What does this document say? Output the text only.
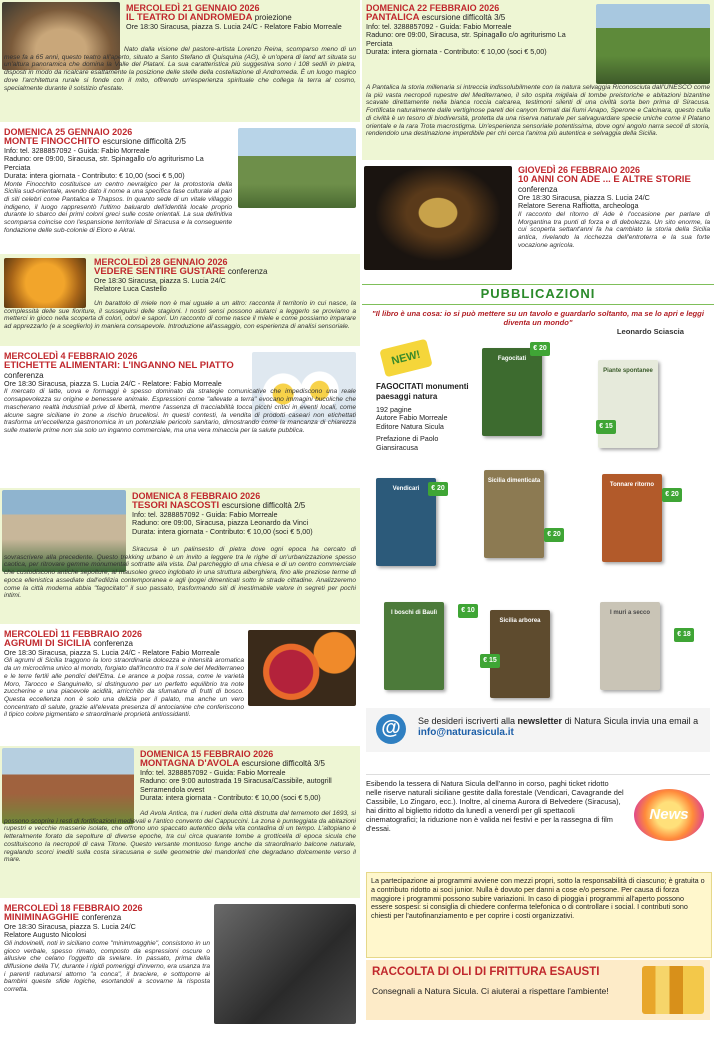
MERCOLEDÌ 21 GENNAIO 2026
IL TEATRO DI ANDROMEDA proiezione
Ore 18:30 Siracusa, piazza S. Lucia 24/C - Relatore Fabio Morreale
Nato dalla visione del pastore-artista Lorenzo Reina, scomparso meno di un mese fa a 65 anni, questo teatro all'aperto, situato a Santo Stefano di Quisquina (AG), è un'opera di land art situata su un'altura panoramica che domina la Valle del Platani. La sua caratteristica più suggestiva sono i 108 sedili in pietra, disposti in modo da ricalcare esattamente la posizione delle stelle della costellazione di Andromeda. È un luogo magico dove l'architettura rurale si fonde con il mito, offrendo un'esperienza spirituale che collega la terra al cosmo, specialmente durante il solstizio d'estate.
DOMENICA 25 GENNAIO 2026
MONTE FINOCCHITO escursione difficoltà 2/5
Info: tel. 3288857092 - Guida: Fabio Morreale
Raduno: ore 09:00, Siracusa, str. Spinagallo c/o agriturismo La Perciata
Durata: intera giornata - Contributo: € 10,00 (soci € 5,00)
Monte Finocchito costituisce un centro nevralgico per la protostoria della Sicilia sud-orientale, avendo dato il nome a una specifica fase culturale al pari di siti celebri come Pantalica e Thapsos. In quanto sede di un vitale villaggio indigeno, il luogo rappresentò l'ultimo baluardo dell'identità locale proprio durante lo sbarco dei primi coloni greci sulle coste orientali. La sua definitiva scomparsa coincise con l'espansione territoriale di Siracusa e la conseguente fondazione delle sub-colonie di Eloro e Akrai.
MERCOLEDÌ 28 GENNAIO 2026
VEDERE SENTIRE GUSTARE conferenza
Ore 18:30 Siracusa, piazza S. Lucia 24/C
Relatore Luca Castello
Un barattolo di miele non è mai uguale a un altro: racconta il territorio in cui nasce, la complessità delle sue fioriture, il susseguirsi delle stagioni. I nostri sensi possono aiutarci a leggerlo se proviamo a metterci in gioco nella scoperta di colori, odori e sapori. Un racconto di come nasce il miele e come possiamo imparare ad apprezzarlo (e a sceglierlo) in maniera consapevole. Introduzione all'assaggio, con esperienza di analisi sensoriale.
MERCOLEDÌ 4 FEBBRAIO 2026
ETICHETTE ALIMENTARI: L'INGANNO NEL PIATTO
conferenza
Ore 18:30 Siracusa, piazza S. Lucia 24/C - Relatore: Fabio Morreale
Il mercato di latte, uova e formaggi è spesso dominato da strategie comunicative che impediscono una reale consapevolezza su origine e benessere animale. Espressioni come "allevate a terra" evocano immagini bucoliche che mascherano realtà industriali prive di libertà, mentre l'assenza di tracciabilità tocca picchi critici in eventi locali, come alcune sagre siciliane in zone a rischio brucellosi. In questi contesti, la vendita di prodotti caseari non etichettati trasforma un'eccellenza gastronomica in un potenziale pericolo sanitario, dimostrando come la mancanza di chiarezza sulle materie prime non sia solo un inganno commerciale, ma una vera minaccia per la salute pubblica.
DOMENICA 8 FEBBRAIO 2026
TESORI NASCOSTI escursione difficoltà 2/5
Info: tel. 3288857092 - Guida: Fabio Morreale
Raduno: ore 09:00, Siracusa, piazza Leonardo da Vinci
Durata: intera giornata - Contributo: € 10,00 (soci € 5,00)
Siracusa è un palinsesto di pietra dove ogni epoca ha cercato di sovrascrivere alla precedente. Questo trekking urbano è un invito a leggere tra le righe di un'urbanizzazione spesso caotica, per ritrovare gemme monumentali sottratte alla vista. Dal parcheggio di una chiesa e di un centro commerciale che custodiscono antiche sepolture, al mausoleo greco inglobato in una struttura alberghiera, fino alle preziose terme di epoca ellenistica assediate dall'edilizia contemporanea e agli ipogei dimenticati sotto le strade cittadine. Analizzeremo come la città moderna abbia "fagocitato" il suo passato, trasformando siti di inestimabile valore in segreti per pochi intimi.
MERCOLEDÌ 11 FEBBRAIO 2026
AGRUMI DI SICILIA conferenza
Ore 18:30 Siracusa, piazza S. Lucia 24/C - Relatore Fabio Morreale
Gli agrumi di Sicilia traggono la loro straordinaria dolcezza e intensità aromatica da un microclima unico al mondo, forgiato dall'incontro tra il sole del Mediterraneo e le terre fertili alle pendici dell'Etna. Le arance a polpa rossa, come le varietà Moro, Tarocco e Sanguinello, si distinguono per un perfetto equilibrio tra note zuccherine e una piacevole acidità, arricchito da sfumature di frutti di bosco. Questa eccellenza non è solo una delizia per il palato, ma anche un vero concentrato di salute, grazie all'elevata presenza di antocianine che conferiscono il tipico colore pigmentato e straordinarie proprietà antiossidanti.
DOMENICA 15 FEBBRAIO 2026
MONTAGNA D'AVOLA escursione difficoltà 3/5
Info: tel. 3288857092 - Guida: Fabio Morreale
Raduno: ore 9:00 autostrada 19 Siracusa/Cassibile, autogrill Serramendola ovest
Durata: intera giornata - Contributo: € 10,00 (soci € 5,00)
Ad Avola Antica, tra i ruderi della città distrutta dal terremoto del 1693, si possono scoprire i resti di fortificazioni medievali e l'antico convento dei Cappuccini. La zona è punteggiata da abitazioni rupestri e vecchie masserie isolate, che offrono uno spaccato autentico della vita contadina di un tempo. L'altopiano è letteralmente forato da sepolture di diverse epoche, tra cui circa quarante tombe a grotticella di epoca sicula che costituiscono la necropoli di cava Titone. Questo versante montuoso funge anche da straordinario balcone naturale, regalando scorci inediti sulla costa siracusana e sulle geometrie dei mandorleti che degradano dolcemente verso il mare.
MERCOLEDÌ 18 FEBBRAIO 2026
MINIMINAGGHIE conferenza
Ore 18:30 Siracusa, piazza S. Lucia 24/C
Relatore Augusto Nicolosi
Gli indovinelli, noti in siciliano come "minimmagghie", consistono in un gioco verbale, spesso rimato, composto da espressioni oscure o allusive che celano l'oggetto da svelare. In passato, prima della diffusione della TV, durante i rigidi pomeriggi d'inverno, era usanza tra i parenti radunarsi attorno "a conca", il braciere, e sottoporre ai bambini queste sfide logiche, esortandoli a scovarne la risposta corretta.
DOMENICA 22 FEBBRAIO 2026
PANTALICA escursione difficoltà 3/5
Info: tel. 3288857092 - Guida: Fabio Morreale
Raduno: ore 09:00, Siracusa, str. Spinagallo c/o agriturismo La Perciata
Durata: intera giornata - Contributo: € 10,00 (soci € 5,00)
A Pantalica la storia millenaria si intreccia indissolubilmente con la natura selvaggia Riconosciuta dall'UNESCO come la più vasta necropoli rupestre del Mediterraneo, il sito ospita migliaia di tombe preistoriche e abitazioni bizantine scavate direttamente nella bianca roccia calcarea, testimoni silenti di una civiltà sorta ben prima di Siracusa. Fortificata naturalmente dalle vertiginose pareti dei canyon formati dai fiumi Anapo, Sperone e Calcinara, questo culla di civiltà è un tesoro di biodiversità, protetta da una riserva naturale per salvaguardare specie uniche come il Platano orientale e la rara Trota macrostigma. Un'esperienza sensoriale potentissima, dove ogni angolo narra secoli di storia, rendendolo una destinazione imperdibile per chi cerca l'anima più autentica e selvaggia della Sicilia.
GIOVEDÌ 26 FEBBRAIO 2026
10 ANNI CON ADE ... E ALTRE STORIE
conferenza
Ore 18:30 Siracusa, piazza S. Lucia 24/C
Relatore Serena Raffiotta, archeologa
Il racconto del ritorno di Ade è l'occasione per parlare di Morgantina tra punti di forza e di debolezza. Un sito enorme, la cui scoperta settant'anni fa ha cambiato la storia della Sicilia antica, rivelando la ricchezza dell'entroterra e la sua forte vocazione agricola.
PUBBLICAZIONI
"Il libro è una cosa: io si può mettere su un tavolo e guardarlo soltanto, ma se lo apri e leggi diventa un mondo"
Leonardo Sciascia
NEW!
FAGOCITATI monumenti paesaggi natura
192 pagine
Autore Fabio Morreale
Editore Natura Sicula
Prefazione di Paolo Giansiracusa
Fagocitati
€ 20
Piante spontanee
€ 15
Vendicari	€ 20
Sicilia dimenticata
€ 20
Tonnare ritorno
€ 20
I boschi di Baulì	€ 10
Sicilia arborea
€ 15
I muri a secco
€ 18
@	Se desideri iscriverti alla newsletter di Natura Sicula invia una email a info@naturasicula.it
Esibendo la tessera di Natura Sicula dell'anno in corso, paghi ticket ridotto nelle riserve naturali siciliane gestite dalla forestale (Vendicari, Cavagrande del Cassibile, Lo Zingaro, ecc.). Inoltre, al cinema Aurora di Belvedere (Siracusa), hai diritto al biglietto ridotto da lunedì a venerdì per gli spettacoli cinematografici; la riduzione non è valida nei festivi e per la rassegna di film d'essai.
News
La partecipazione ai programmi avviene con mezzi propri, sotto la responsabilità di ciascuno; è gratuita o a contributo ridotto ai soci junior. Nulla è dovuto per danni a cose e/o persone. Per causa di forza maggiore i programmi possono subire variazioni. In caso di pioggia i programmi all'aperto possono essere sospesi: si consiglia di chiedere conferma telefonica o di controllare i social. I contributi sono chiesti per l'autofinanziamento e per coprire i costi organizzativi.
RACCOLTA DI OLI DI FRITTURA ESAUSTI
Consegnali a Natura Sicula. Ci aiuterai a rispettare l'ambiente!
